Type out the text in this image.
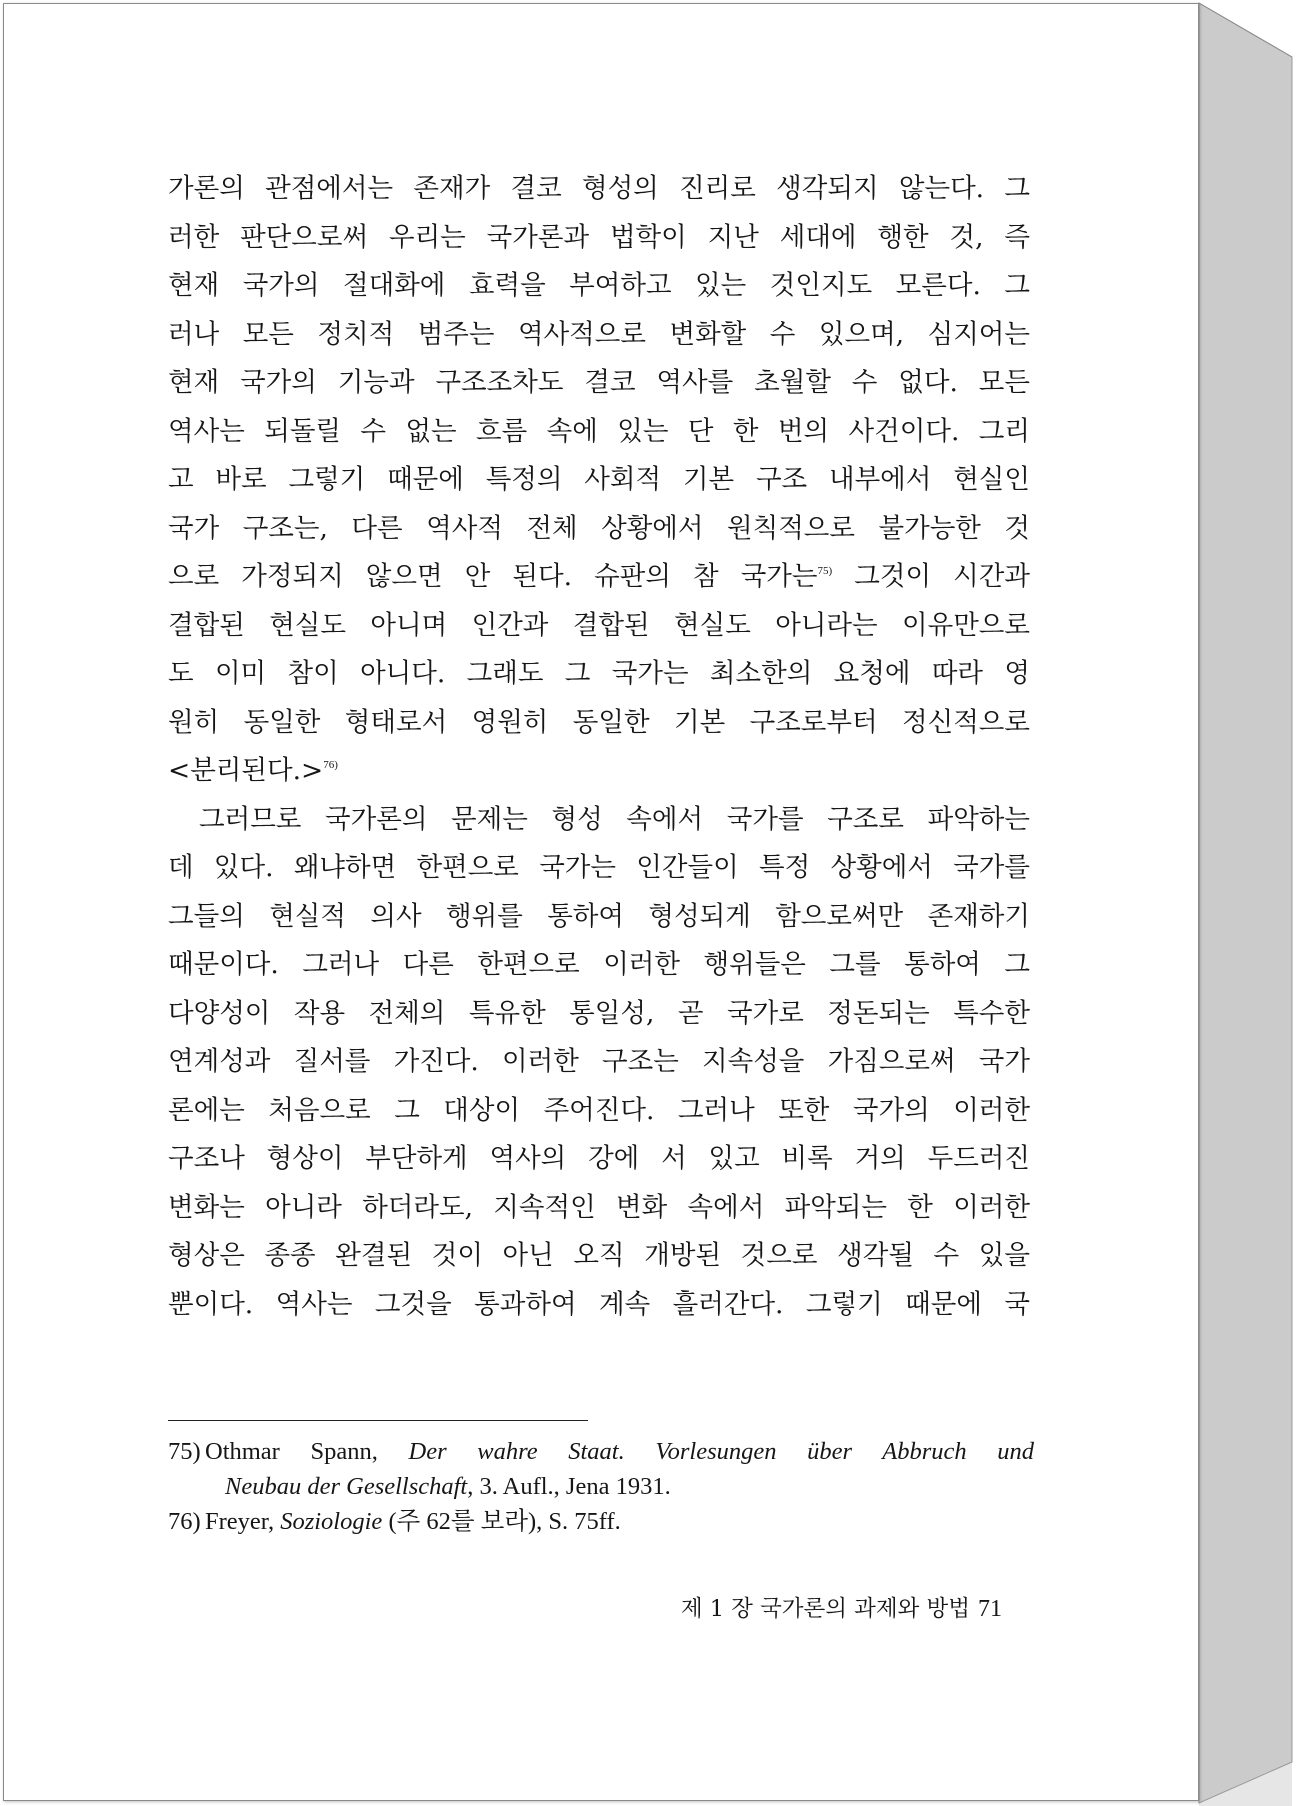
가론의 관점에서는 존재가 결코 형성의 진리로 생각되지 않는다. 그
러한 판단으로써 우리는 국가론과 법학이 지난 세대에 행한 것, 즉
현재 국가의 절대화에 효력을 부여하고 있는 것인지도 모른다. 그
러나 모든 정치적 범주는 역사적으로 변화할 수 있으며, 심지어는
현재 국가의 기능과 구조조차도 결코 역사를 초월할 수 없다. 모든
역사는 되돌릴 수 없는 흐름 속에 있는 단 한 번의 사건이다. 그리
고 바로 그렇기 때문에 특정의 사회적 기본 구조 내부에서 현실인
국가 구조는, 다른 역사적 전체 상황에서 원칙적으로 불가능한 것
으로 가정되지 않으면 안 된다. 슈판의 참 국가는$^{75)}$ 그것이 시간과
결합된 현실도 아니며 인간과 결합된 현실도 아니라는 이유만으로
도 이미 참이 아니다. 그래도 그 국가는 최소한의 요청에 따라 영
원히 동일한 형태로서 영원히 동일한 기본 구조로부터 정신적으로
<분리된다.>$^{76)}$
그러므로 국가론의 문제는 형성 속에서 국가를 구조로 파악하는
데 있다. 왜냐하면 한편으로 국가는 인간들이 특정 상황에서 국가를
그들의 현실적 의사 행위를 통하여 형성되게 함으로써만 존재하기
때문이다. 그러나 다른 한편으로 이러한 행위들은 그를 통하여 그
다양성이 작용 전체의 특유한 통일성, 곧 국가로 정돈되는 특수한
연계성과 질서를 가진다. 이러한 구조는 지속성을 가짐으로써 국가
론에는 처음으로 그 대상이 주어진다. 그러나 또한 국가의 이러한
구조나 형상이 부단하게 역사의 강에 서 있고 비록 거의 두드러진
변화는 아니라 하더라도, 지속적인 변화 속에서 파악되는 한 이러한
형상은 종종 완결된 것이 아닌 오직 개방된 것으로 생각될 수 있을
뿐이다. 역사는 그것을 통과하여 계속 흘러간다. 그렇기 때문에 국
75) Othmar Spann, Der wahre Staat. Vorlesungen über Abbruch und
Neubau der Gesellschaft, 3. Aufl., Jena 1931.
76) Freyer, Soziologie (주 62를 보라), S. 75ff.
제 1 장 국가론의 과제와 방법 71
